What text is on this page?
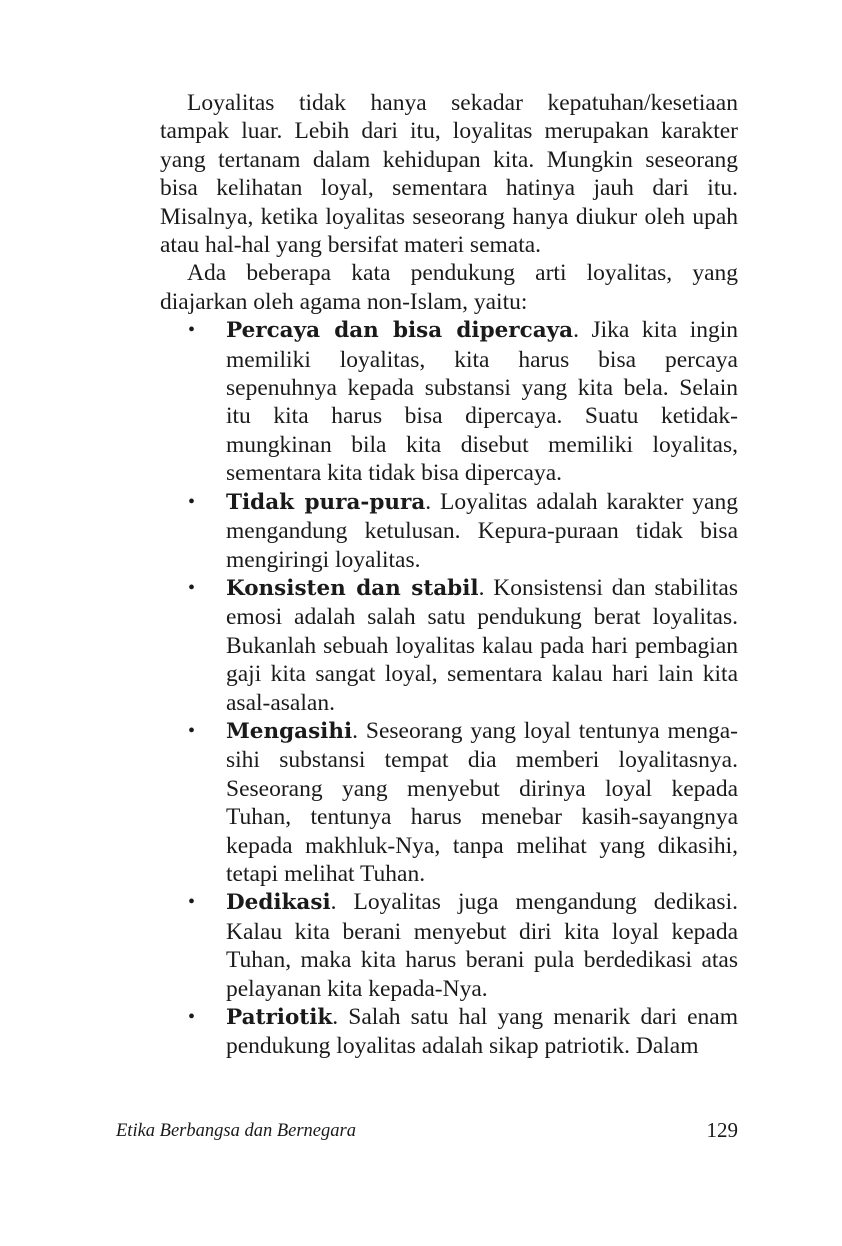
Loyalitas tidak hanya sekadar kepatuhan/kesetiaan tampak luar. Lebih dari itu, loyalitas merupakan karakter yang tertanam dalam kehidupan kita. Mungkin seseorang bisa kelihatan loyal, sementara hatinya jauh dari itu. Misalnya, ketika loyalitas seseorang hanya diukur oleh upah atau hal-hal yang bersifat materi semata.

Ada beberapa kata pendukung arti loyalitas, yang diajarkan oleh agama non-Islam, yaitu:

• Percaya dan bisa dipercaya. Jika kita ingin memiliki loyalitas, kita harus bisa percaya sepenuhnya kepada substansi yang kita bela. Selain itu kita harus bisa dipercaya. Suatu ketidak-mungkinan bila kita disebut memiliki loyalitas, sementara kita tidak bisa dipercaya.
• Tidak pura-pura. Loyalitas adalah karakter yang mengandung ketulusan. Kepura-puraan tidak bisa mengiringi loyalitas.
• Konsisten dan stabil. Konsistensi dan stabilitas emosi adalah salah satu pendukung berat loyalitas. Bukanlah sebuah loyalitas kalau pada hari pembagian gaji kita sangat loyal, sementara kalau hari lain kita asal-asalan.
• Mengasihi. Seseorang yang loyal tentunya menga-sihi substansi tempat dia memberi loyalitasnya. Seseorang yang menyebut dirinya loyal kepada Tuhan, tentunya harus menebar kasih-sayangnya kepada makhluk-Nya, tanpa melihat yang dikasihi, tetapi melihat Tuhan.
• Dedikasi. Loyalitas juga mengandung dedikasi. Kalau kita berani menyebut diri kita loyal kepada Tuhan, maka kita harus berani pula berdedikasi atas pelayanan kita kepada-Nya.
• Patriotik. Salah satu hal yang menarik dari enam pendukung loyalitas adalah sikap patriotik. Dalam
Etika Berbangsa dan Bernegara	129
